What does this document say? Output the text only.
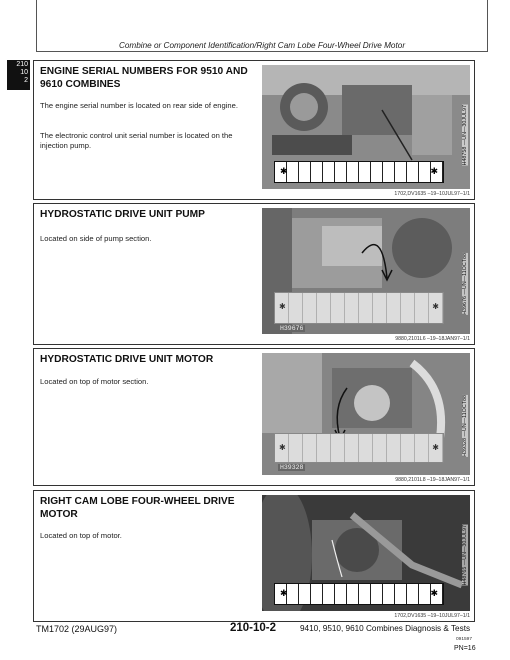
Combine or Component Identification/Right Cam Lobe Four-Wheel Drive Motor
210
10
2
ENGINE SERIAL NUMBERS FOR 9510 AND
9610 COMBINES

The engine serial number is located on rear side of engine.

The electronic control unit serial number is located on the injection pump.

✱	✱
H48758 —UN—30JUL97
1702,DV1635 –19–10JUL97–1/1
HYDROSTATIC DRIVE UNIT PUMP

Located on side of pump section.

✱	✱
H39676
H39676 —UN—11OCT88
9880,2101L6 –19–18JAN97–1/1
HYDROSTATIC DRIVE UNIT MOTOR

Located on top of motor section.

✱	✱
H39328
H39328 —UN—11OCT88
9880,2101L8 –19–18JAN97–1/1
RIGHT CAM LOBE FOUR-WHEEL DRIVE
MOTOR

Located on top of motor.

✱	✱
H48765 —UN—30JUL97
1702,DV1635 –19–10JUL97–1/1
TM1702 (29AUG97)	210-10-2	9410, 9510, 9610 Combines Diagnosis & Tests
091597
PN=16
